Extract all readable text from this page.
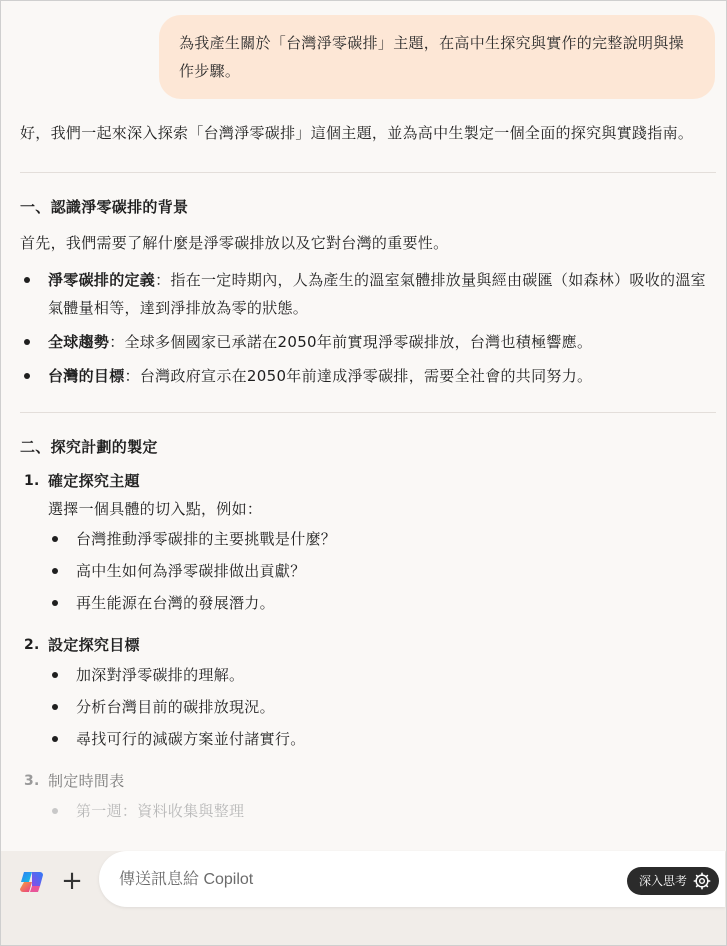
為我產生關於「台灣淨零碳排」主題，在高中生探究與實作的完整說明與操作步驟。

好，我們一起來深入探索「台灣淨零碳排」這個主題，並為高中生製定一個全面的探究與實踐指南。

一、認識淨零碳排的背景

首先，我們需要了解什麼是淨零碳排放以及它對台灣的重要性。

淨零碳排的定義：指在一定時期內，人為產生的溫室氣體排放量與經由碳匯（如森林）吸收的溫室氣體量相等，達到淨排放為零的狀態。
全球趨勢：全球多個國家已承諾在2050年前實現淨零碳排放，台灣也積極響應。
台灣的目標：台灣政府宣示在2050年前達成淨零碳排，需要全社會的共同努力。

二、探究計劃的製定

1. 確定探究主題
選擇一個具體的切入點，例如：
台灣推動淨零碳排的主要挑戰是什麼？
高中生如何為淨零碳排做出貢獻？
再生能源在台灣的發展潛力。
2. 設定探究目標
加深對淨零碳排的理解。
分析台灣目前的碳排放現況。
尋找可行的減碳方案並付諸實行。
3. 制定時間表
第一週：資料收集與整理
+
傳送訊息給 Copilot	深入思考
